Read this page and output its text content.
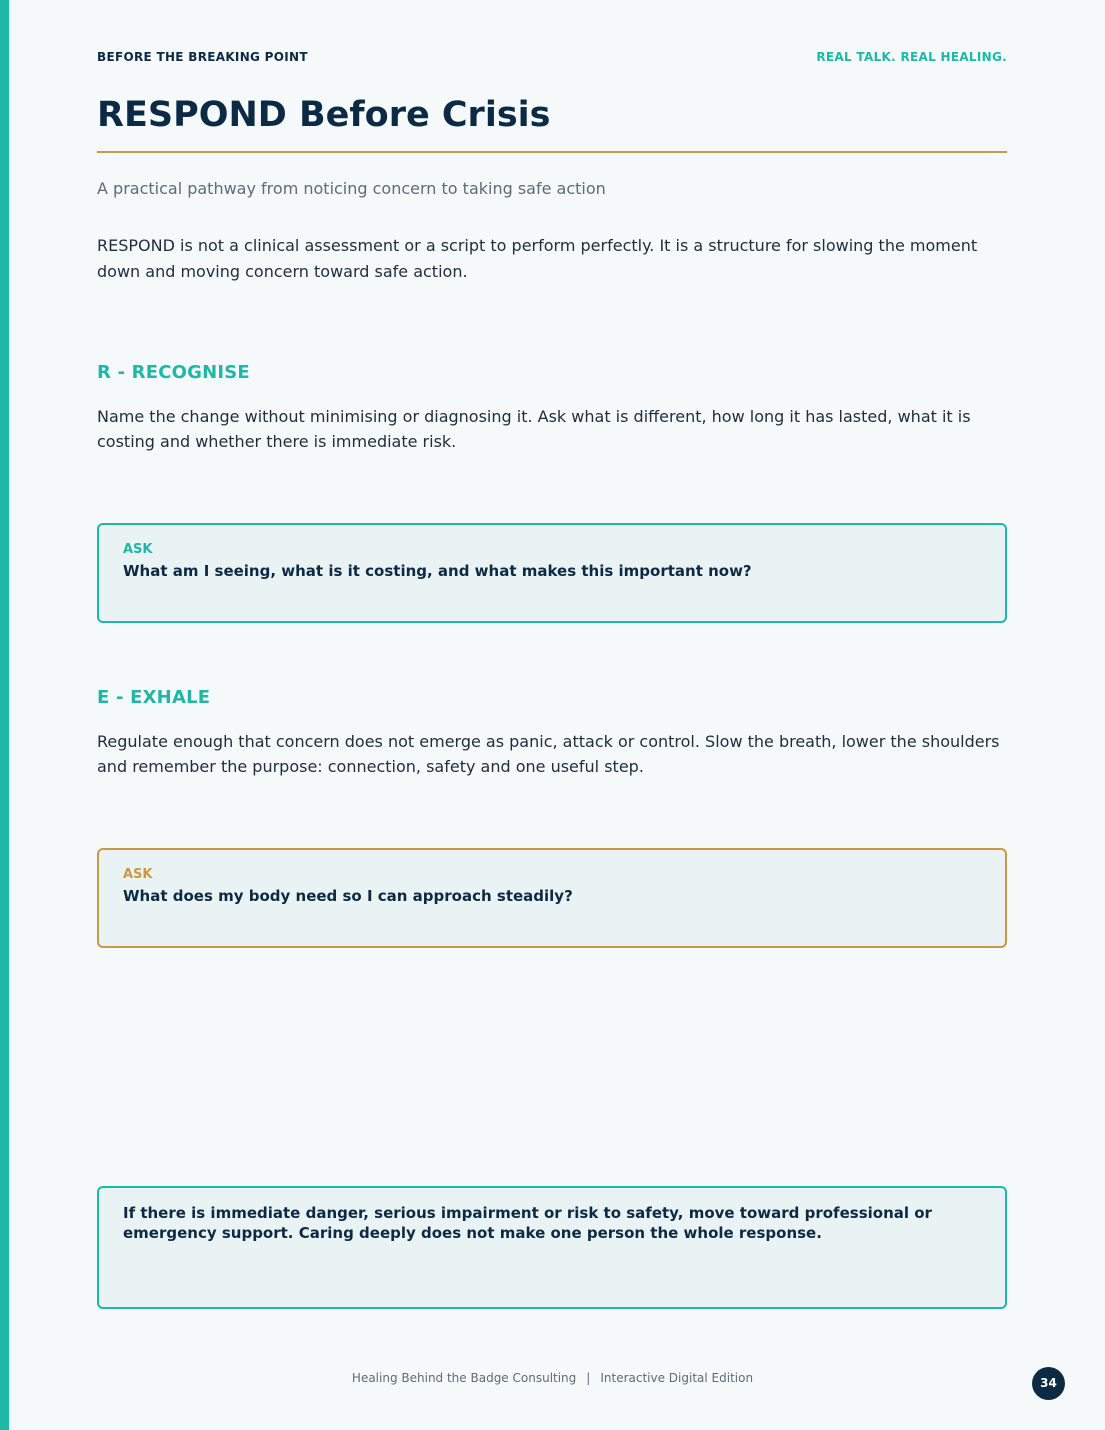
BEFORE THE BREAKING POINT	REAL TALK. REAL HEALING.
RESPOND Before Crisis
A practical pathway from noticing concern to taking safe action

RESPOND is not a clinical assessment or a script to perform perfectly. It is a structure for slowing the moment down and moving concern toward safe action.

R - RECOGNISE

Name the change without minimising or diagnosing it. Ask what is different, how long it has lasted, what it is costing and whether there is immediate risk.

ASK
What am I seeing, what is it costing, and what makes this important now?
E - EXHALE

Regulate enough that concern does not emerge as panic, attack or control. Slow the breath, lower the shoulders and remember the purpose: connection, safety and one useful step.

ASK
What does my body need so I can approach steadily?
If there is immediate danger, serious impairment or risk to safety, move toward professional or emergency support. Caring deeply does not make one person the whole response.
Healing Behind the Badge Consulting | Interactive Digital Edition	34
